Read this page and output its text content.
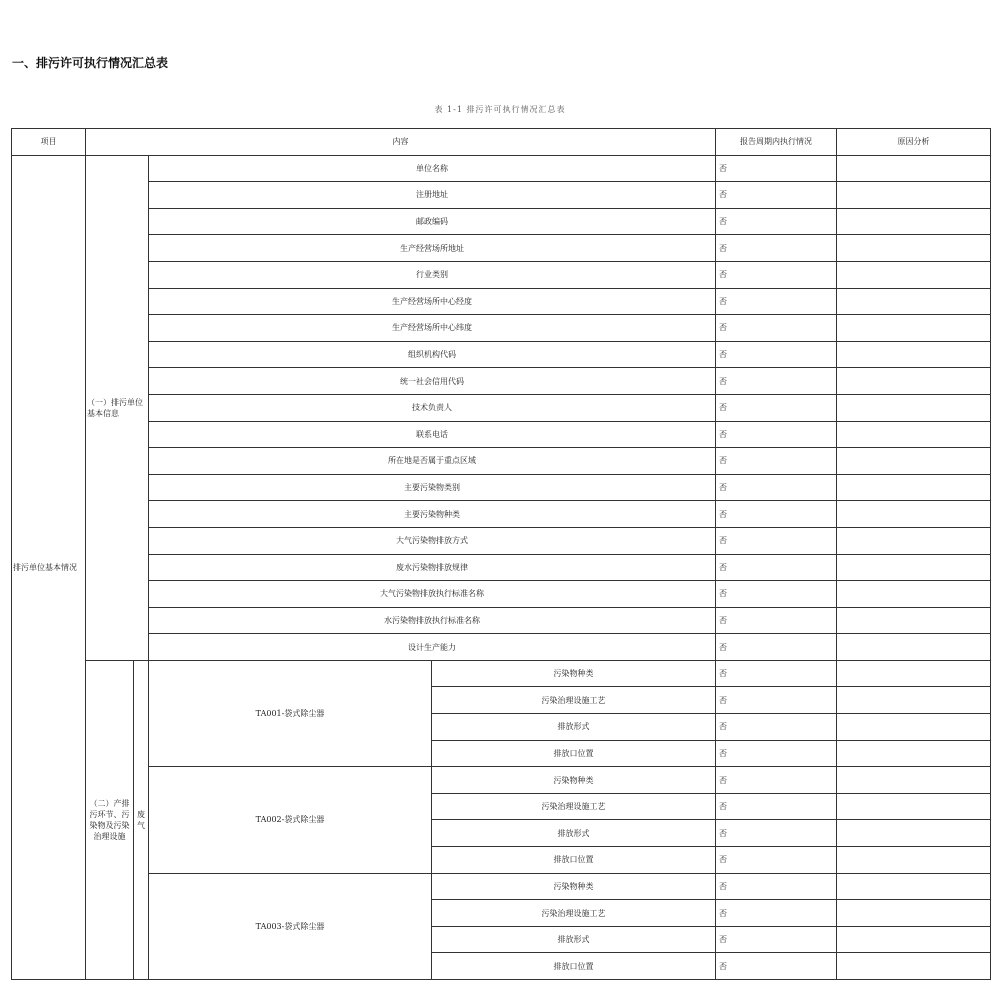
一、排污许可执行情况汇总表
表 1-1 排污许可执行情况汇总表
项目	内容				报告周期内执行情况	原因分析
排污单位基本情况	（一）排污单位基本信息		单位名称		否	
			注册地址		否	
			邮政编码		否	
			生产经营场所地址		否	
			行业类别		否	
			生产经营场所中心经度		否	
			生产经营场所中心纬度		否	
			组织机构代码		否	
			统一社会信用代码		否	
			技术负责人		否	
			联系电话		否	
			所在地是否属于重点区域		否	
			主要污染物类别		否	
			主要污染物种类		否	
			大气污染物排放方式		否	
			废水污染物排放规律		否	
			大气污染物排放执行标准名称		否	
			水污染物排放执行标准名称		否	
			设计生产能力		否	
	（二）产排污环节、污染物及污染治理设施	废气	TA001-袋式除尘器	污染物种类	否	
				污染治理设施工艺	否	
				排放形式	否	
				排放口位置	否	
			TA002-袋式除尘器	污染物种类	否	
				污染治理设施工艺	否	
				排放形式	否	
				排放口位置	否	
			TA003-袋式除尘器	污染物种类	否	
				污染治理设施工艺	否	
				排放形式	否	
				排放口位置	否	
